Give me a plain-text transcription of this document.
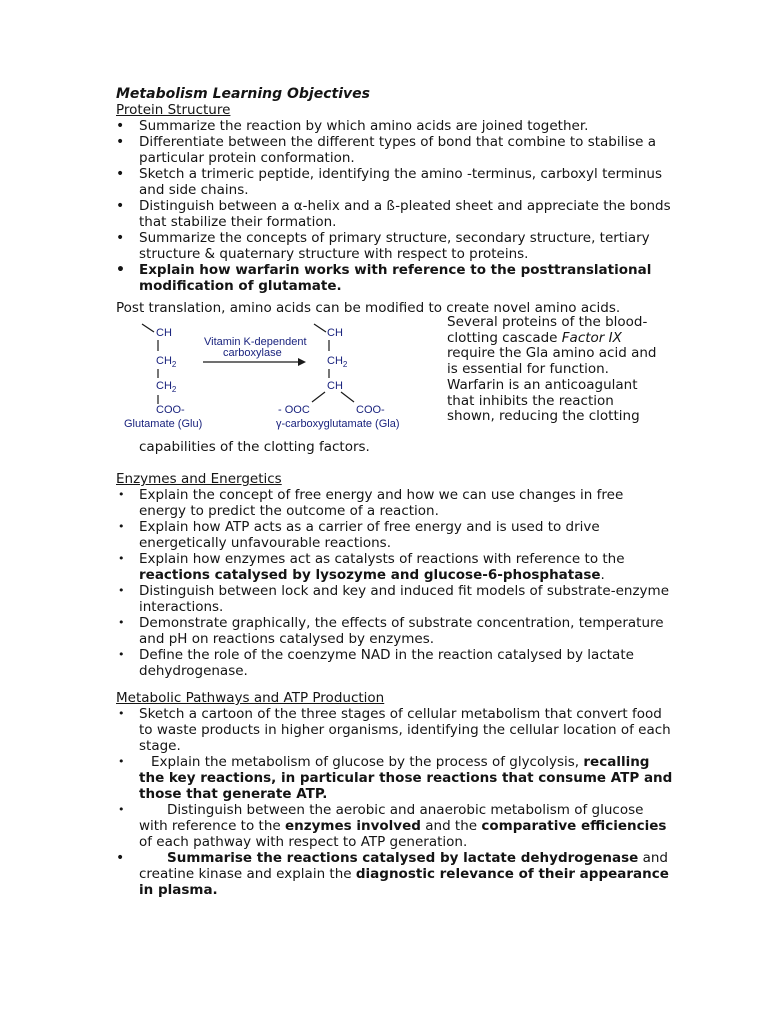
Metabolism Learning Objectives
Protein Structure
• Summarize the reaction by which amino acids are joined together.
• Differentiate between the different types of bond that combine to stabilise a particular protein conformation.
• Sketch a trimeric peptide, identifying the amino -terminus, carboxyl terminus and side chains.
• Distinguish between a α-helix and a ß-pleated sheet and appreciate the bonds that stabilize their formation.
• Summarize the concepts of primary structure, secondary structure, tertiary structure & quaternary structure with respect to proteins.
• Explain how warfarin works with reference to the posttranslational modification of glutamate.
Post translation, amino acids can be modified to create novel amino acids.
CH
$CH_2$
$CH_2$
COO-
Glutamate (Glu)
Vitamin K-dependent
carboxylase
CH
$CH_2$
CH
- OOC	COO-
γ-carboxyglutamate (Gla)
Several proteins of the blood-clotting cascade Factor IX require the Gla amino acid and is essential for function. Warfarin is an anticoagulant that inhibits the reaction shown, reducing the clotting
capabilities of the clotting factors.
Enzymes and Energetics
• Explain the concept of free energy and how we can use changes in free energy to predict the outcome of a reaction.
• Explain how ATP acts as a carrier of free energy and is used to drive energetically unfavourable reactions.
• Explain how enzymes act as catalysts of reactions with reference to the reactions catalysed by lysozyme and glucose-6-phosphatase.
• Distinguish between lock and key and induced fit models of substrate-enzyme interactions.
• Demonstrate graphically, the effects of substrate concentration, temperature and pH on reactions catalysed by enzymes.
• Define the role of the coenzyme NAD in the reaction catalysed by lactate dehydrogenase.
Metabolic Pathways and ATP Production
• Sketch a cartoon of the three stages of cellular metabolism that convert food to waste products in higher organisms, identifying the cellular location of each stage.
• Explain the metabolism of glucose by the process of glycolysis, recalling the key reactions, in particular those reactions that consume ATP and those that generate ATP.
•	Distinguish between the aerobic and anaerobic metabolism of glucose with reference to the enzymes involved and the comparative efficiencies of each pathway with respect to ATP generation.
•	Summarise the reactions catalysed by lactate dehydrogenase and creatine kinase and explain the diagnostic relevance of their appearance in plasma.
